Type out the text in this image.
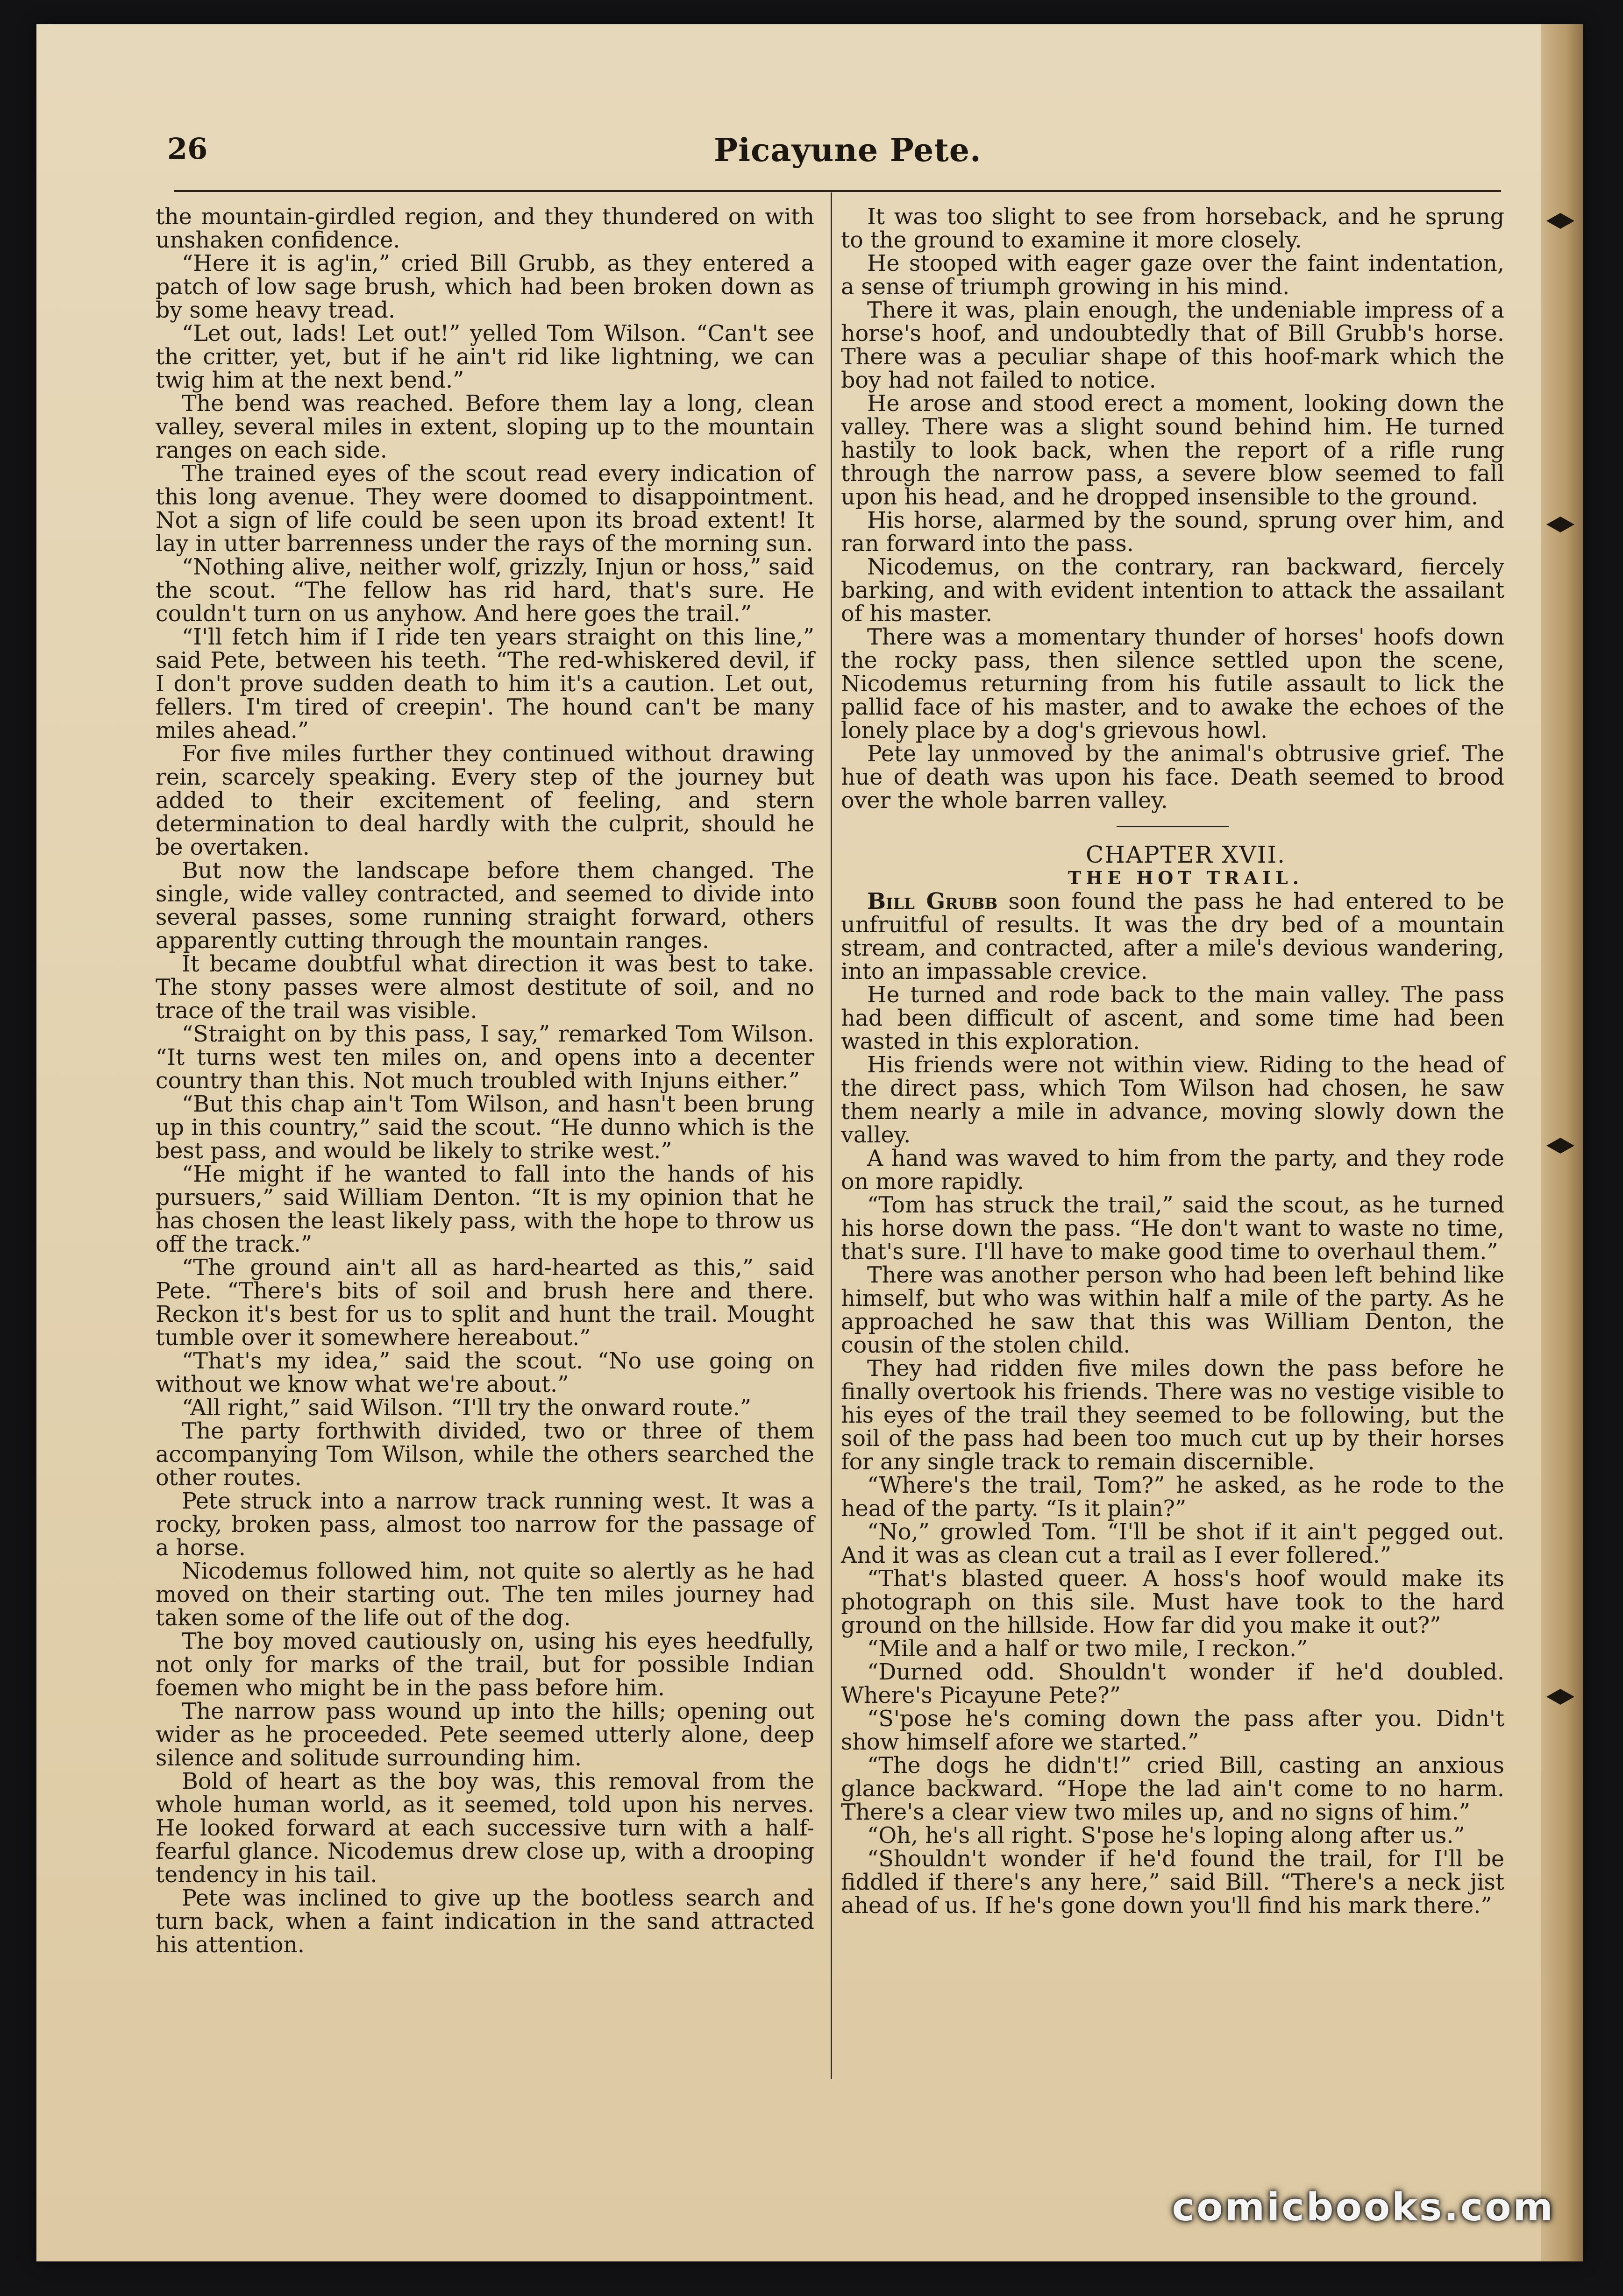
26	Picayune Pete.

the mountain-girdled region, and they thundered on with unshaken confidence.

“Here it is ag'in,” cried Bill Grubb, as they entered a patch of low sage brush, which had been broken down as by some heavy tread.

“Let out, lads! Let out!” yelled Tom Wilson. “Can't see the critter, yet, but if he ain't rid like lightning, we can twig him at the next bend.”

The bend was reached. Before them lay a long, clean valley, several miles in extent, sloping up to the mountain ranges on each side.

The trained eyes of the scout read every indication of this long avenue. They were doomed to disappointment. Not a sign of life could be seen upon its broad extent! It lay in utter barrenness under the rays of the morning sun.

“Nothing alive, neither wolf, grizzly, Injun or hoss,” said the scout. “The fellow has rid hard, that's sure. He couldn't turn on us anyhow. And here goes the trail.”

“I'll fetch him if I ride ten years straight on this line,” said Pete, between his teeth. “The red-whiskered devil, if I don't prove sudden death to him it's a caution. Let out, fellers. I'm tired of creepin'. The hound can't be many miles ahead.”

For five miles further they continued without drawing rein, scarcely speaking. Every step of the journey but added to their excitement of feeling, and stern determination to deal hardly with the culprit, should he be overtaken.

But now the landscape before them changed. The single, wide valley contracted, and seemed to divide into several passes, some running straight forward, others apparently cutting through the mountain ranges.

It became doubtful what direction it was best to take. The stony passes were almost destitute of soil, and no trace of the trail was visible.

“Straight on by this pass, I say,” remarked Tom Wilson. “It turns west ten miles on, and opens into a decenter country than this. Not much troubled with Injuns either.”

“But this chap ain't Tom Wilson, and hasn't been brung up in this country,” said the scout. “He dunno which is the best pass, and would be likely to strike west.”

“He might if he wanted to fall into the hands of his pursuers,” said William Denton. “It is my opinion that he has chosen the least likely pass, with the hope to throw us off the track.”

“The ground ain't all as hard-hearted as this,” said Pete. “There's bits of soil and brush here and there. Reckon it's best for us to split and hunt the trail. Mought tumble over it somewhere hereabout.”

“That's my idea,” said the scout. “No use going on without we know what we're about.”

“All right,” said Wilson. “I'll try the onward route.”

The party forthwith divided, two or three of them accompanying Tom Wilson, while the others searched the other routes.

Pete struck into a narrow track running west. It was a rocky, broken pass, almost too narrow for the passage of a horse.

Nicodemus followed him, not quite so alertly as he had moved on their starting out. The ten miles journey had taken some of the life out of the dog.

The boy moved cautiously on, using his eyes heedfully, not only for marks of the trail, but for possible Indian foemen who might be in the pass before him.

The narrow pass wound up into the hills; opening out wider as he proceeded. Pete seemed utterly alone, deep silence and solitude surrounding him.

Bold of heart as the boy was, this removal from the whole human world, as it seemed, told upon his nerves. He looked forward at each successive turn with a half-fearful glance. Nicodemus drew close up, with a drooping tendency in his tail.

Pete was inclined to give up the bootless search and turn back, when a faint indication in the sand attracted his attention.

It was too slight to see from horseback, and he sprung to the ground to examine it more closely.

He stooped with eager gaze over the faint indentation, a sense of triumph growing in his mind.

There it was, plain enough, the undeniable impress of a horse's hoof, and undoubtedly that of Bill Grubb's horse. There was a peculiar shape of this hoof-mark which the boy had not failed to notice.

He arose and stood erect a moment, looking down the valley. There was a slight sound behind him. He turned hastily to look back, when the report of a rifle rung through the narrow pass, a severe blow seemed to fall upon his head, and he dropped insensible to the ground.

His horse, alarmed by the sound, sprung over him, and ran forward into the pass.

Nicodemus, on the contrary, ran backward, fiercely barking, and with evident intention to attack the assailant of his master.

There was a momentary thunder of horses' hoofs down the rocky pass, then silence settled upon the scene, Nicodemus returning from his futile assault to lick the pallid face of his master, and to awake the echoes of the lonely place by a dog's grievous howl.

Pete lay unmoved by the animal's obtrusive grief. The hue of death was upon his face. Death seemed to brood over the whole barren valley.

CHAPTER XVII.

THE HOT TRAIL.

Bill Grubb soon found the pass he had entered to be unfruitful of results. It was the dry bed of a mountain stream, and contracted, after a mile's devious wandering, into an impassable crevice.

He turned and rode back to the main valley. The pass had been difficult of ascent, and some time had been wasted in this exploration.

His friends were not within view. Riding to the head of the direct pass, which Tom Wilson had chosen, he saw them nearly a mile in advance, moving slowly down the valley.

A hand was waved to him from the party, and they rode on more rapidly.

“Tom has struck the trail,” said the scout, as he turned his horse down the pass. “He don't want to waste no time, that's sure. I'll have to make good time to overhaul them.”

There was another person who had been left behind like himself, but who was within half a mile of the party. As he approached he saw that this was William Denton, the cousin of the stolen child.

They had ridden five miles down the pass before he finally overtook his friends. There was no vestige visible to his eyes of the trail they seemed to be following, but the soil of the pass had been too much cut up by their horses for any single track to remain discernible.

“Where's the trail, Tom?” he asked, as he rode to the head of the party. “Is it plain?”

“No,” growled Tom. “I'll be shot if it ain't pegged out. And it was as clean cut a trail as I ever follered.”

“That's blasted queer. A hoss's hoof would make its photograph on this sile. Must have took to the hard ground on the hillside. How far did you make it out?”

“Mile and a half or two mile, I reckon.”

“Durned odd. Shouldn't wonder if he'd doubled. Where's Picayune Pete?”

“S'pose he's coming down the pass after you. Didn't show himself afore we started.”

“The dogs he didn't!” cried Bill, casting an anxious glance backward. “Hope the lad ain't come to no harm. There's a clear view two miles up, and no signs of him.”

“Oh, he's all right. S'pose he's loping along after us.”

“Shouldn't wonder if he'd found the trail, for I'll be fiddled if there's any here,” said Bill. “There's a neck jist ahead of us. If he's gone down you'll find his mark there.”

comicbooks.com
